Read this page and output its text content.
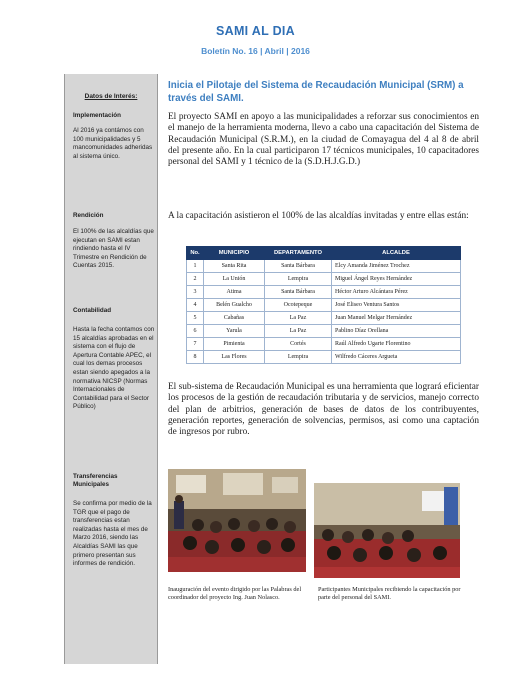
SAMI AL DIA
Boletín No. 16 | Abril | 2016
Datos de Interés:
Implementación
Al 2016 ya contámos con 100 municipalidades y 5 mancomunidades adheridas al sistema único.
Rendición
El 100% de las alcaldías que ejecutan en SAMI estan rindiendo hasta el IV Trimestre en Rendición de Cuentas 2015.
Contabilidad
Hasta la fecha contamos con 15 alcaldías aprobadas en el sistema con el flujo de Apertura Contable APEC, el cual los demas procesos estan siendo apegados a la normativa NICSP (Normas Internacionales de Contabilidad para el Sector Público)
Transferencias Municipales
Se confirma por medio de la TGR que el pago de transferencias estan realizadas hasta el mes de Marzo 2016, siendo las Alcaldías SAMI las que primero presentan sus informes de rendición.
Inicia el Pilotaje del Sistema de Recaudación Municipal (SRM) a través del SAMI.
El proyecto SAMI en apoyo a las municipalidades a reforzar sus conocimientos en el manejo de la herramienta moderna, llevo a cabo una capacitación del Sistema de Recaudación Municipal (S.R.M.), en la ciudad de Comayagua del 4 al 8 de abril del presente año. En la cual participaron 17 técnicos municipales, 10 capacitadores personal del SAMI y 1 técnico de la (S.D.H.J.G.D.)
A la capacitación asistieron el 100% de las alcaldías invitadas y entre ellas están:
No.	MUNICIPIO	DEPARTAMENTO	ALCALDE
1	Santa Rita	Santa Bárbara	Elcy Amanda Jiménez Trochez
2	La Unión	Lempira	Miguel Ángel Reyes Hernández
3	Atima	Santa Bárbara	Héctor Arturo Alcántara Pérez
4	Belén Gualcho	Ocotepeque	José Eliseo Ventura Santos
5	Cabañas	La Paz	Juan Manuel Melgar Hernández
6	Yarula	La Paz	Pablino Díaz Orellana
7	Pimienta	Cortés	Raúl Alfredo Ugarte Florentino
8	Las Flores	Lempira	Wilfredo Cáceres Argueta
El sub-sistema de Recaudación Municipal es una herramienta que logrará eficientar los procesos de la gestión de recaudación tributaria y de servicios, manejo correcto del plan de arbitrios, generación de bases de datos de los contribuyentes, generación reportes, generación de solvencias, permisos, asi como una captación de ingresos por rubro.
Inauguración del evento dirigido por las Palabras del coordinador del proyecto Ing. Juan Nolasco.
Participantes Municipales recibiendo la capacitación por parte del personal del SAMI.
